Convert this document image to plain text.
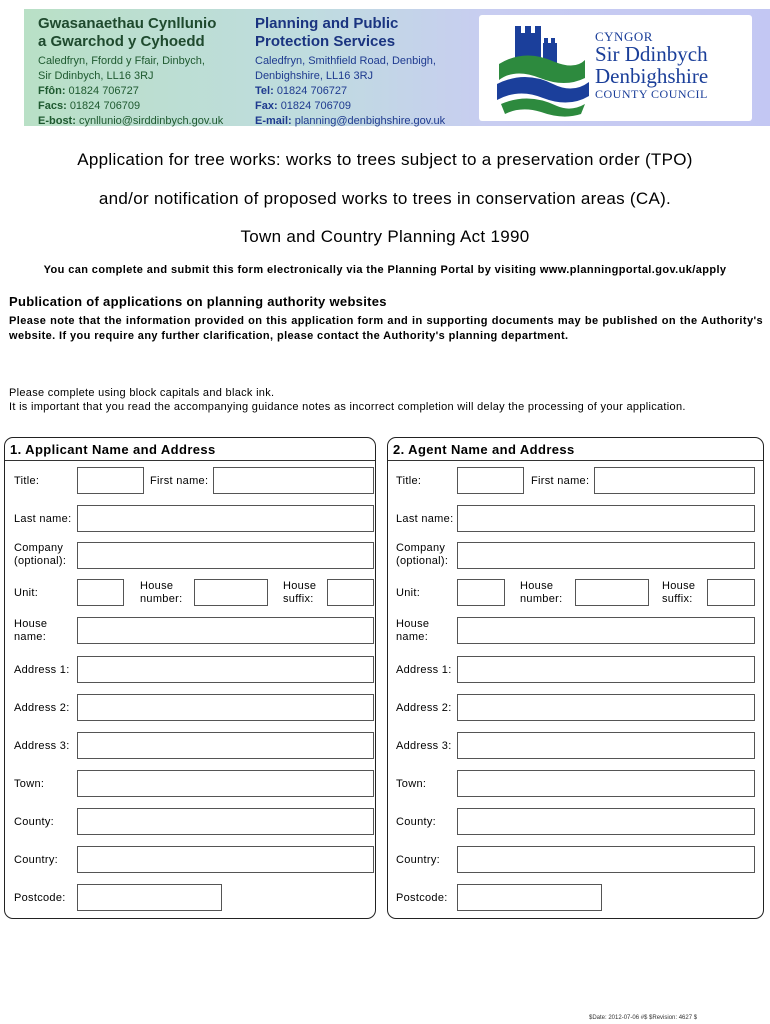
Gwasanaethau Cynllunio
a Gwarchod y Cyhoedd
Caledfryn, Ffordd y Ffair, Dinbych,
Sir Ddinbych, LL16 3RJ
Ffôn: 01824 706727
Facs: 01824 706709
E-bost: cynllunio@sirddinbych.gov.uk
Planning and Public
Protection Services
Caledfryn, Smithfield Road, Denbigh,
Denbighshire, LL16 3RJ
Tel: 01824 706727
Fax: 01824 706709
E-mail: planning@denbighshire.gov.uk
CYNGOR
Sir Ddinbych
Denbighshire
COUNTY COUNCIL
Application for tree works: works to trees subject to a preservation order (TPO)
and/or notification of proposed works to trees in conservation areas (CA).
Town and Country Planning Act 1990
You can complete and submit this form electronically via the Planning Portal by visiting www.planningportal.gov.uk/apply
Publication of applications on planning authority websites
Please note that the information provided on this application form and in supporting documents may be published on the Authority's website. If you require any further clarification, please contact the Authority's planning department.
Please complete using block capitals and black ink.
It is important that you read the accompanying guidance notes as incorrect completion will delay the processing of your application.
1. Applicant Name and Address
Title:	First name:
Last name:
Company
(optional):
Unit:
House
number:
House
suffix:
House
name:
Address 1:
Address 2:
Address 3:
Town:
County:
Country:
Postcode:
2. Agent Name and Address
Title:	First name:
Last name:
Company
(optional):
Unit:
House
number:
House
suffix:
House
name:
Address 1:
Address 2:
Address 3:
Town:
County:
Country:
Postcode:
$Date: 2012-07-06 #$ $Revision: 4627 $
